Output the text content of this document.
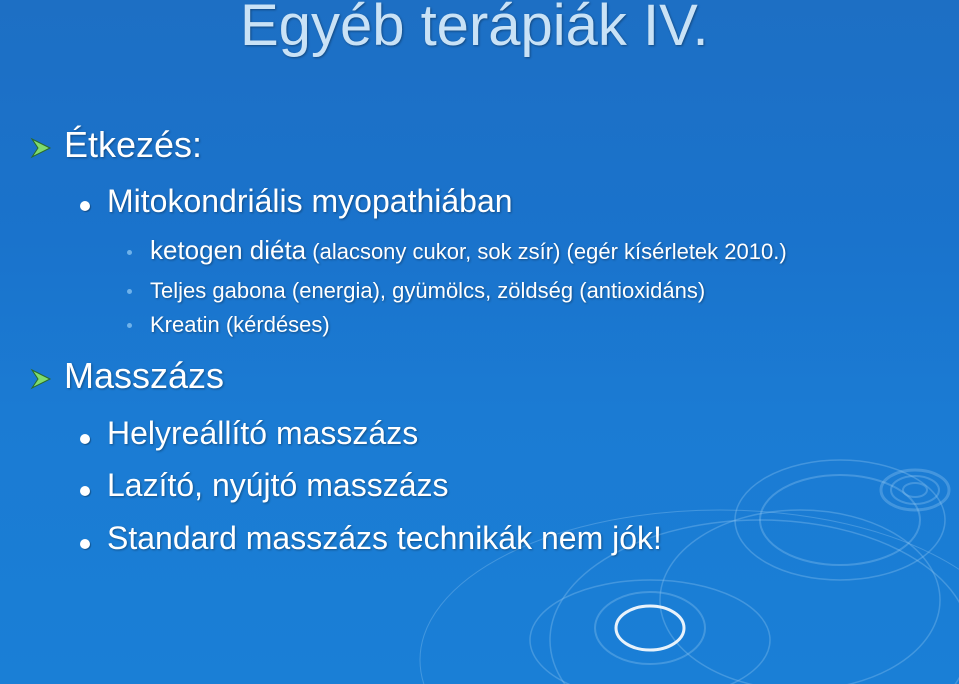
Egyéb terápiák IV.
Étkezés:
Mitokondriális myopathiában
ketogen diéta (alacsony cukor, sok zsír) (egér kísérletek 2010.)
Teljes gabona (energia), gyümölcs, zöldség (antioxidáns)
Kreatin (kérdéses)
Masszázs
Helyreállító masszázs
Lazító, nyújtó masszázs
Standard masszázs technikák nem jók!
